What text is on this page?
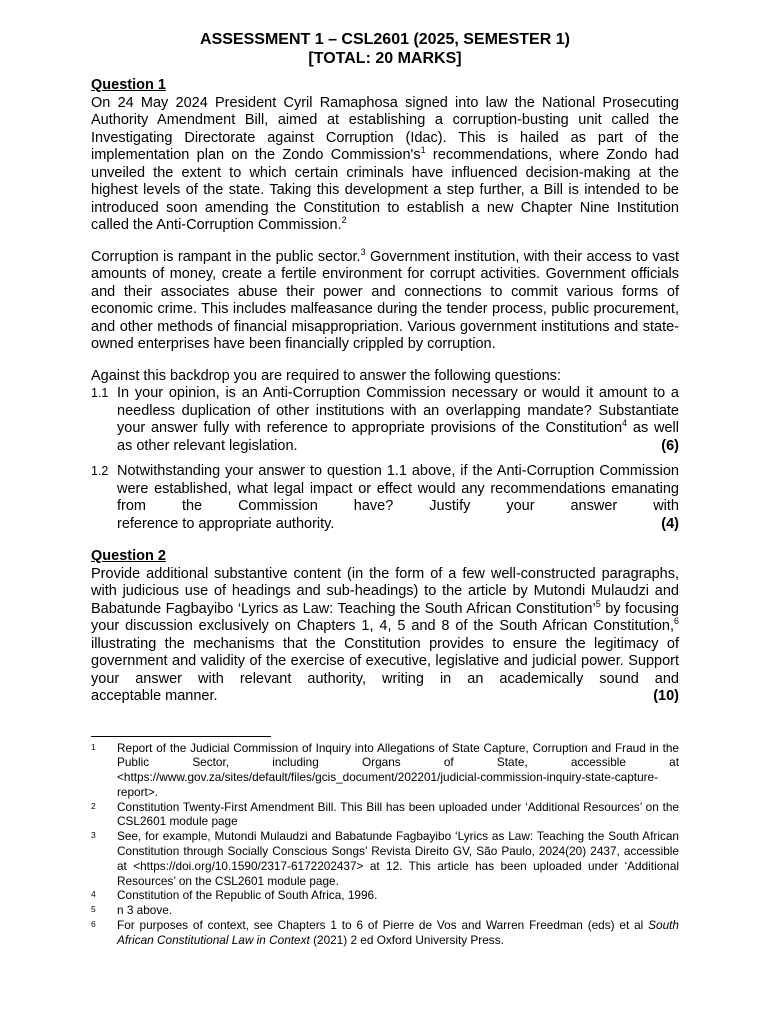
ASSESSMENT 1 – CSL2601 (2025, SEMESTER 1)

[TOTAL: 20 MARKS]

Question 1

On 24 May 2024 President Cyril Ramaphosa signed into law the National Prosecuting Authority Amendment Bill, aimed at establishing a corruption-busting unit called the Investigating Directorate against Corruption (Idac). This is hailed as part of the implementation plan on the Zondo $Commission's^1$ recommendations, where Zondo had unveiled the extent to which certain criminals have influenced decision-making at the highest levels of the state. Taking this development a step further, a Bill is intended to be introduced soon amending the Constitution to establish a new Chapter Nine Institution called the Anti-Corruption Commission.$^2$

Corruption is rampant in the public sector.$^3$ Government institution, with their access to vast amounts of money, create a fertile environment for corrupt activities. Government officials and their associates abuse their power and connections to commit various forms of economic crime. This includes malfeasance during the tender process, public procurement, and other methods of financial misappropriation. Various government institutions and state-owned enterprises have been financially crippled by corruption.

Against this backdrop you are required to answer the following questions:

1.1 In your opinion, is an Anti-Corruption Commission necessary or would it amount to a needless duplication of other institutions with an overlapping mandate? Substantiate your answer fully with reference to appropriate provisions of the Constitution$^4$ as well
as other relevant legislation.	(6)
1.2 Notwithstanding your answer to question 1.1 above, if the Anti-Corruption Commission were established, what legal impact or effect would any recommendations emanating from the Commission have? Justify your answer with
reference to appropriate authority.	(4)

Question 2

Provide additional substantive content (in the form of a few well-constructed paragraphs, with judicious use of headings and sub-headings) to the article by Mutondi Mulaudzi and Babatunde Fagbayibo ‘Lyrics as Law: Teaching the South African Constitution’$^5$ by focusing your discussion exclusively on Chapters 1, 4, 5 and 8 of the South African Constitution,$^6$ illustrating the mechanisms that the Constitution provides to ensure the legitimacy of government and validity of the exercise of executive, legislative and judicial power. Support your answer with relevant authority, writing in an academically sound and
acceptable manner.	(10)
1 Report of the Judicial Commission of Inquiry into Allegations of State Capture, Corruption and Fraud in the Public Sector, including Organs of State, accessible at <https://www.gov.za/sites/default/files/gcis_document/202201/judicial-commission-inquiry-state-capture-report>.
2 Constitution Twenty-First Amendment Bill. This Bill has been uploaded under ‘Additional Resources’ on the CSL2601 module page
3 See, for example, Mutondi Mulaudzi and Babatunde Fagbayibo ‘Lyrics as Law: Teaching the South African Constitution through Socially Conscious Songs’ Revista Direito GV, São Paulo, 2024(20) 2437, accessible at <https://doi.org/10.1590/2317-6172202437> at 12. This article has been uploaded under ‘Additional Resources’ on the CSL2601 module page.
4 Constitution of the Republic of South Africa, 1996.
5 n 3 above.
6 For purposes of context, see Chapters 1 to 6 of Pierre de Vos and Warren Freedman (eds) et al South African Constitutional Law in Context (2021) 2 ed Oxford University Press.
